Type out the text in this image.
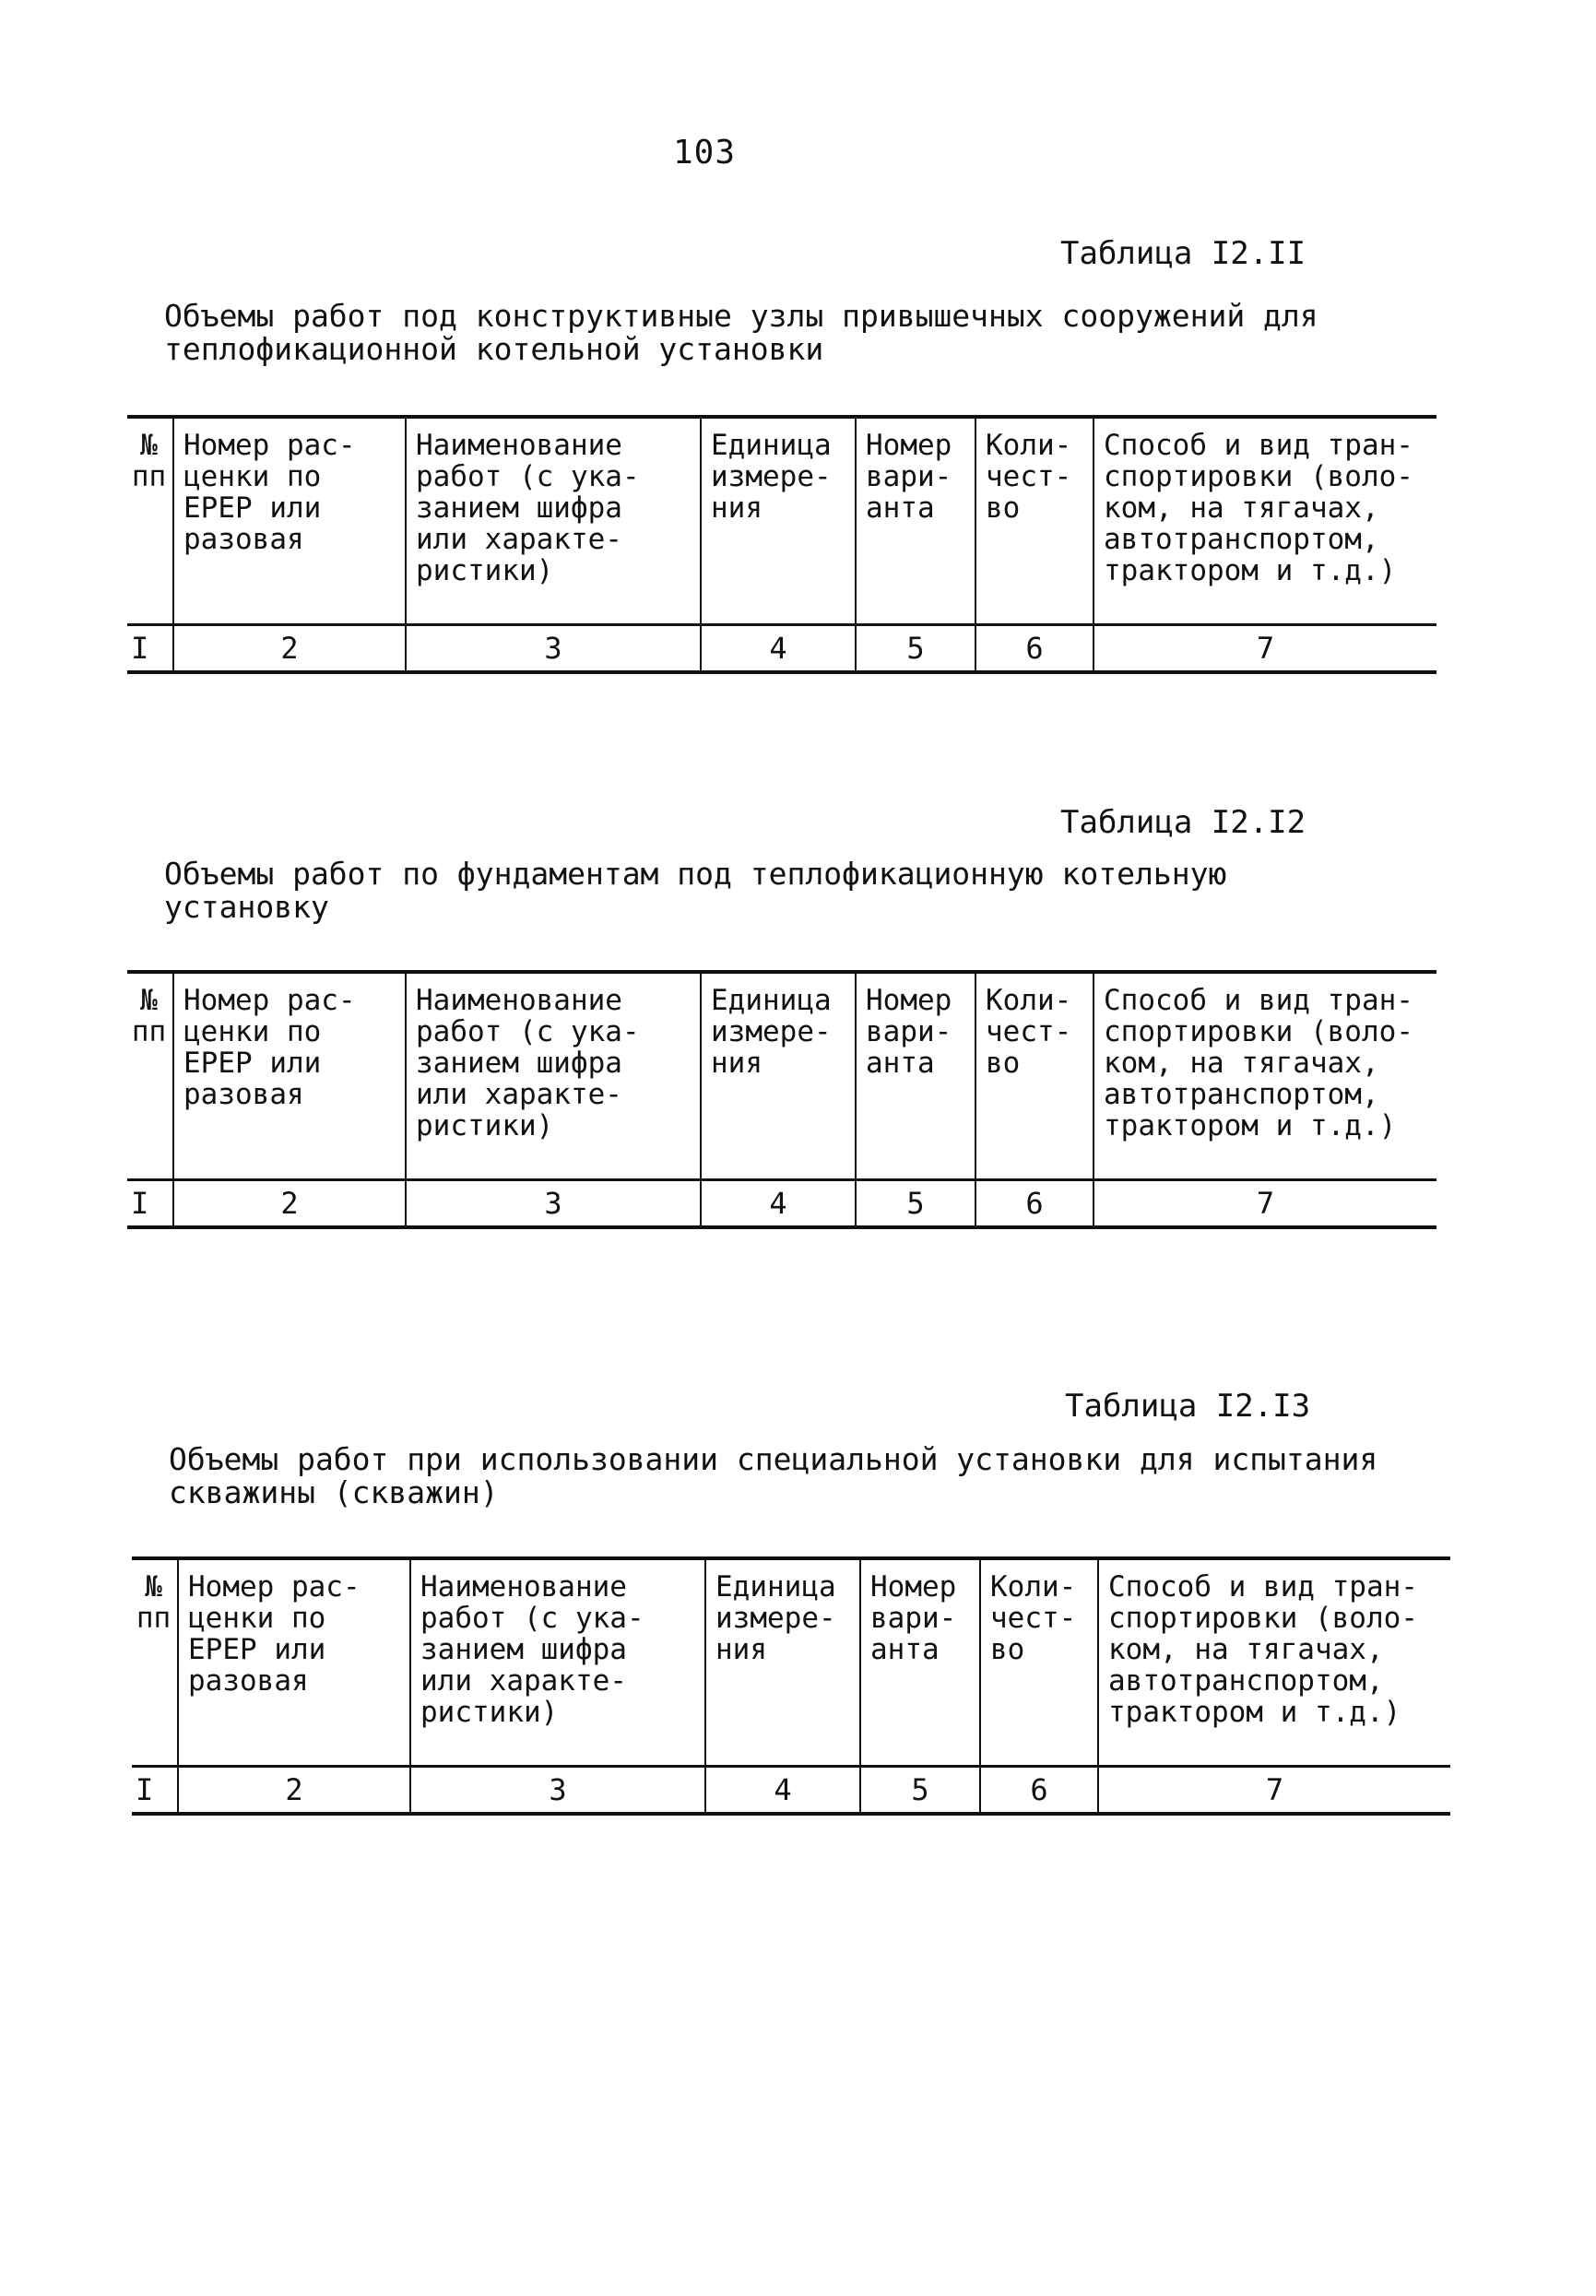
103
Таблица I2.II
Объемы работ под конструктивные узлы привышечных сооружений для
теплофикационной котельной установки
№
пп	Номер рас-
ценки по
ЕРЕР или
разовая	Наименование
работ (с ука-
занием шифра
или характе-
ристики)	Единица
измере-
ния	Номер
вари-
анта	Коли-
чест-
во	Способ и вид тран-
спортировки (воло-
ком, на тягачах,
автотранспортом,
трактором и т.д.)
I	2	3	4	5	6	7
Таблица I2.I2
Объемы работ по фундаментам под теплофикационную котельную
установку
№
пп	Номер рас-
ценки по
ЕРЕР или
разовая	Наименование
работ (с ука-
занием шифра
или характе-
ристики)	Единица
измере-
ния	Номер
вари-
анта	Коли-
чест-
во	Способ и вид тран-
спортировки (воло-
ком, на тягачах,
автотранспортом,
трактором и т.д.)
I	2	3	4	5	6	7
Таблица I2.I3
Объемы работ при использовании специальной установки для испытания
скважины (скважин)
№
пп	Номер рас-
ценки по
ЕРЕР или
разовая	Наименование
работ (с ука-
занием шифра
или характе-
ристики)	Единица
измере-
ния	Номер
вари-
анта	Коли-
чест-
во	Способ и вид тран-
спортировки (воло-
ком, на тягачах,
автотранспортом,
трактором и т.д.)
I	2	3	4	5	6	7
